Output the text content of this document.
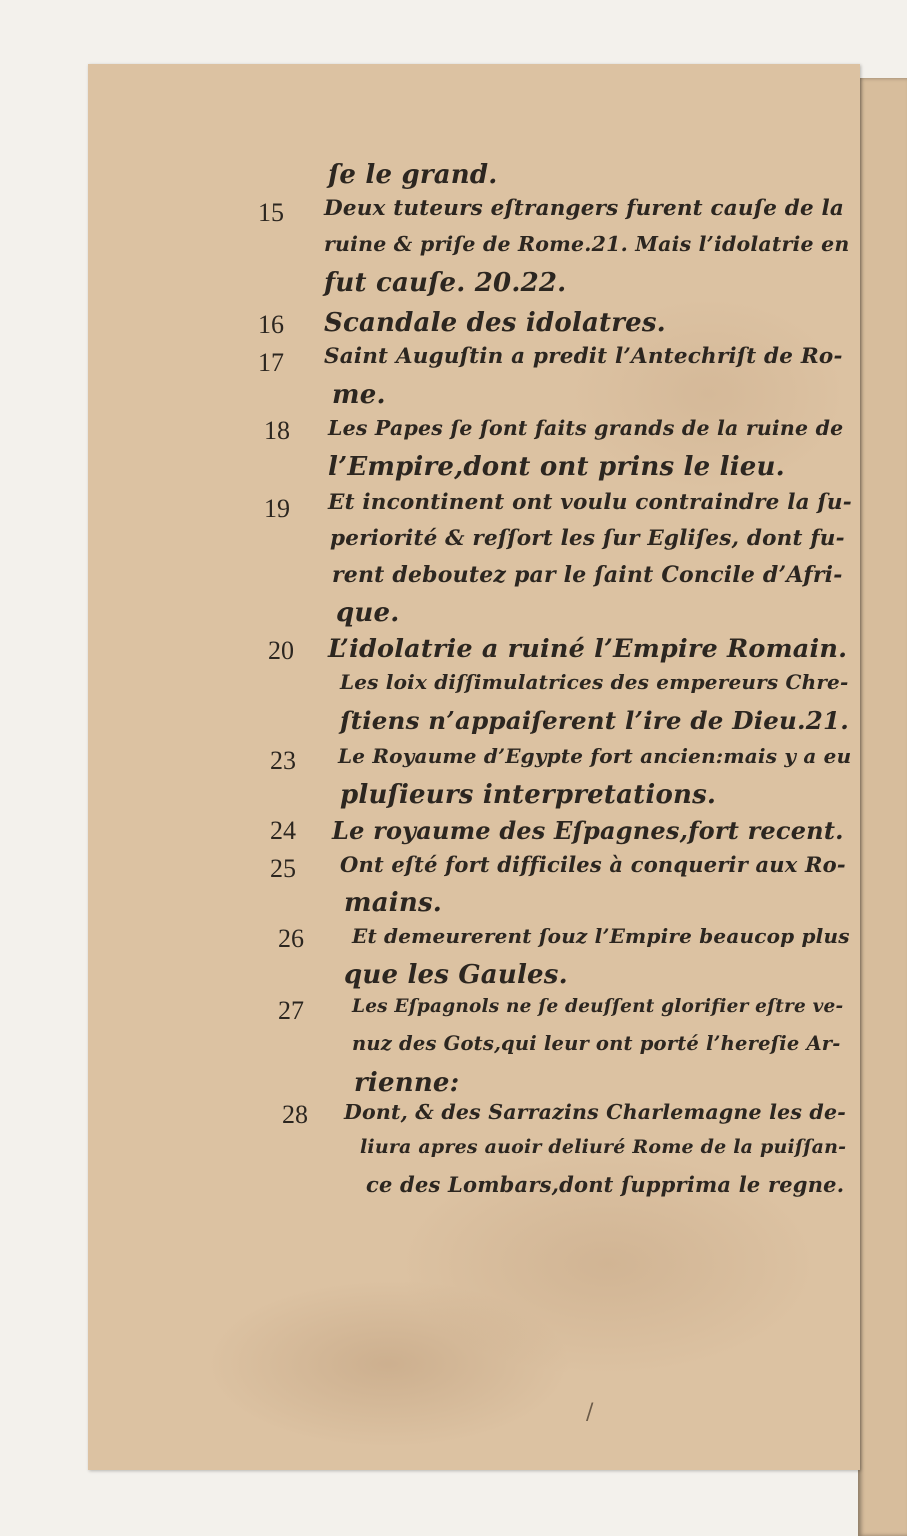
15
16
17
18
19
20
23
24
25
26
27
28
ſe le grand.
Deux tuteurs eſtrangers furent cauſe de la
ruine & priſe de Rome.21. Mais l’idolatrie en
fut cauſe. 20.22.
Scandale des idolatres.
Saint Auguſtin a predit l’Antechriſt de Ro-
me.
Les Papes ſe ſont faits grands de la ruine de
l’Empire,dont ont prins le lieu.
Et incontinent ont voulu contraindre la ſu-
periorité & reſſort les ſur Egliſes, dont fu-
rent deboutez par le ſaint Concile d’Afri-
que.
L’idolatrie a ruiné l’Empire Romain.
Les loix diſſimulatrices des empereurs Chre-
ſtiens n’appaiſerent l’ire de Dieu.21.
Le Royaume d’Egypte fort ancien:mais y a eu
pluſieurs interpretations.
Le royaume des Eſpagnes,fort recent.
Ont eſté fort difficiles à conquerir aux Ro-
mains.
Et demeurerent ſouz l’Empire beaucop plus
que les Gaules.
Les Eſpagnols ne ſe deuſſent glorifier eſtre ve-
nuz des Gots,qui leur ont porté l’hereſie Ar-
rienne:
Dont, & des Sarrazins Charlemagne les de-
liura apres auoir deliuré Rome de la puiſſan-
ce des Lombars,dont ſupprima le regne.
/
